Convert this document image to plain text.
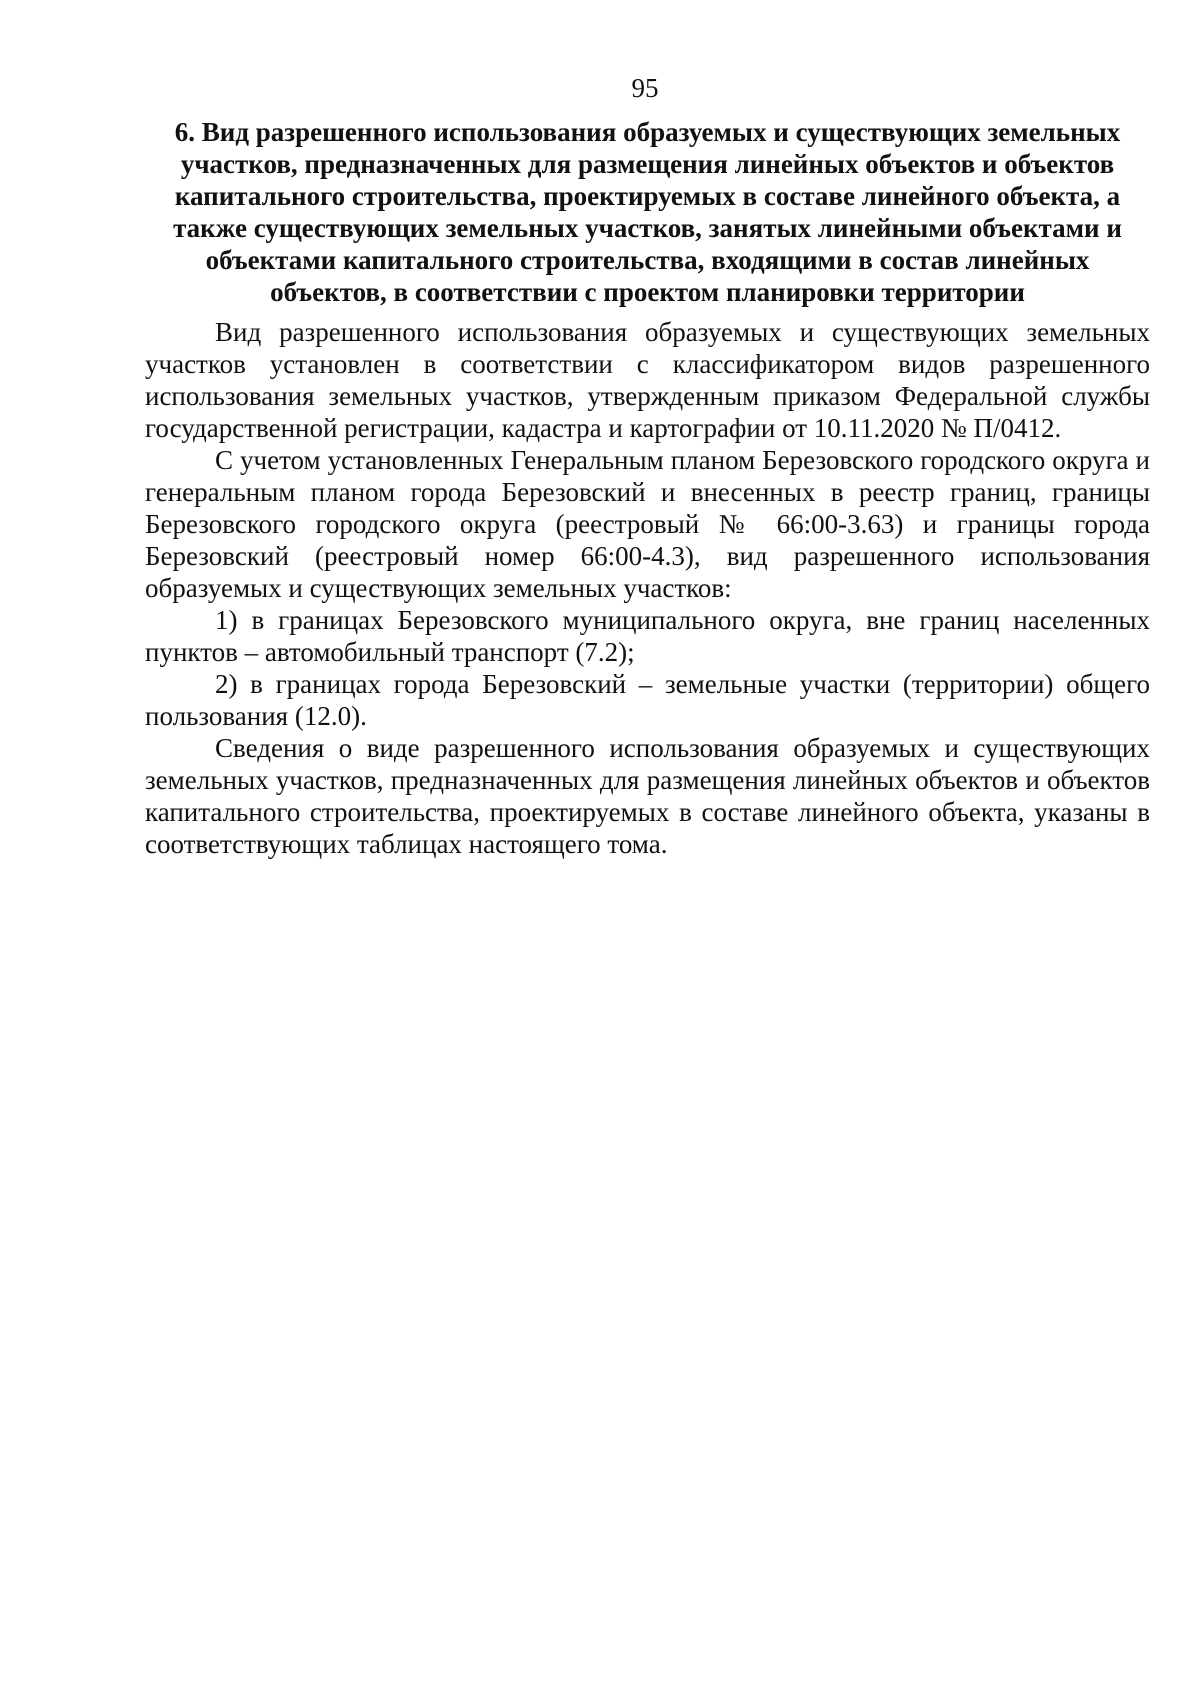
95
6. Вид разрешенного использования образуемых и существующих земельных участков, предназначенных для размещения линейных объектов и объектов капитального строительства, проектируемых в составе линейного объекта, а также существующих земельных участков, занятых линейными объектами и объектами капитального строительства, входящими в состав линейных объектов, в соответствии с проектом планировки территории

Вид разрешенного использования образуемых и существующих земельных участков установлен в соответствии с классификатором видов разрешенного использования земельных участков, утвержденным приказом Федеральной службы государственной регистрации, кадастра и картографии от 10.11.2020 № П/0412.

С учетом установленных Генеральным планом Березовского городского округа и генеральным планом города Березовский и внесенных в реестр границ, границы Березовского городского округа (реестровый № 66:00-3.63) и границы города Березовский (реестровый номер 66:00-4.3), вид разрешенного использования образуемых и существующих земельных участков:

1) в границах Березовского муниципального округа, вне границ населенных пунктов – автомобильный транспорт (7.2);

2) в границах города Березовский – земельные участки (территории) общего пользования (12.0).

Сведения о виде разрешенного использования образуемых и существующих земельных участков, предназначенных для размещения линейных объектов и объектов капитального строительства, проектируемых в составе линейного объекта, указаны в соответствующих таблицах настоящего тома.
